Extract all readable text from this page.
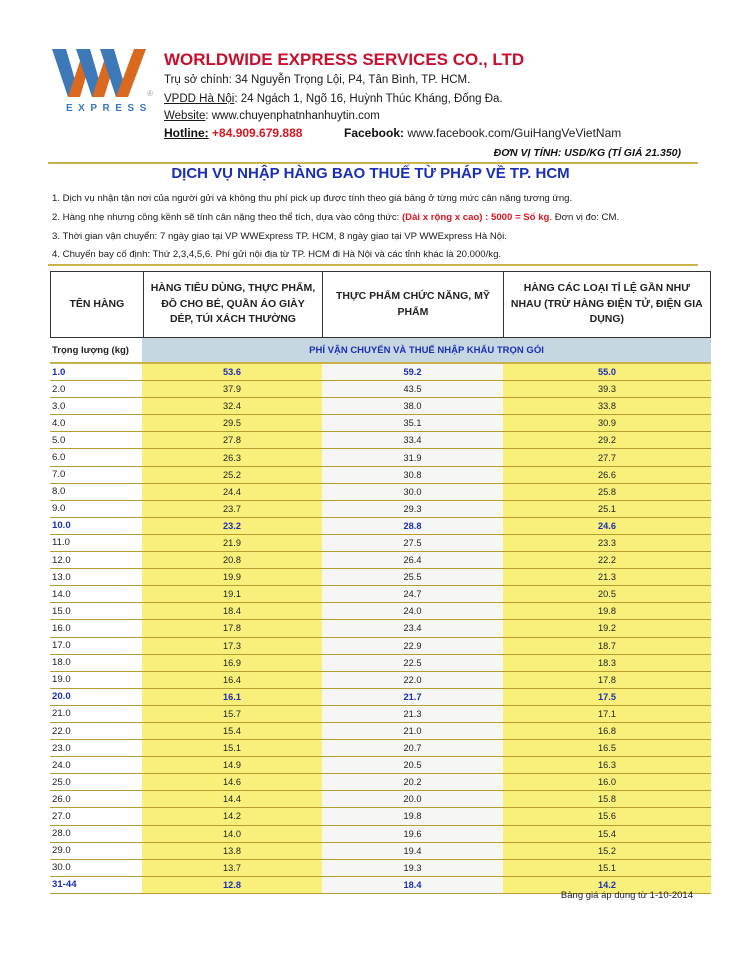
®
EXPRESS
WORLDWIDE EXPRESS SERVICES CO., LTD
Trụ sở chính: 34 Nguyễn Trọng Lội, P4, Tân Bình, TP. HCM.
VPDD Hà Nội: 24 Ngách 1, Ngõ 16, Huỳnh Thúc Kháng, Đống Đa.
Website: www.chuyenphatnhanhuytin.com
Hotline: +84.909.679.888	Facebook: www.facebook.com/GuiHangVeVietNam
ĐƠN VỊ TÍNH: USD/KG (TỈ GIÁ 21.350)
DỊCH VỤ NHẬP HÀNG BAO THUẾ TỪ PHÁP VỀ TP. HCM
1. Dịch vụ nhận tận nơi của người gửi và không thu phí pick up được tính theo giá bảng ở từng mức cân nặng tương ứng.
2. Hàng nhẹ nhưng cồng kềnh sẽ tính cân nặng theo thể tích, dựa vào công thức: (Dài x rộng x cao) : 5000 = Số kg. Đơn vị đo: CM.
3. Thời gian vận chuyển: 7 ngày giao tại VP WWExpress TP. HCM, 8 ngày giao tại VP WWExpress Hà Nội.
4. Chuyến bay cố định: Thứ 2,3,4,5,6. Phí gửi nội địa từ TP. HCM đi Hà Nội và các tỉnh khác là 20.000/kg.
TÊN HÀNG
HÀNG TIÊU DÙNG, THỰC PHẨM, ĐỒ CHO BÉ, QUẦN ÁO GIÀY DÉP, TÚI XÁCH THƯỜNG
THỰC PHẨM CHỨC NĂNG, MỸ PHẨM
HÀNG CÁC LOẠI TỈ LỆ GẦN NHƯ NHAU (TRỪ HÀNG ĐIỆN TỬ, ĐIỆN GIA DỤNG)
Trọng lượng (kg)	PHÍ VẬN CHUYỂN VÀ THUẾ NHẬP KHẨU TRỌN GÓI
1.0	53.6	59.2	55.0
2.0	37.9	43.5	39.3
3.0	32.4	38.0	33.8
4.0	29.5	35.1	30.9
5.0	27.8	33.4	29.2
6.0	26.3	31.9	27.7
7.0	25.2	30.8	26.6
8.0	24.4	30.0	25.8
9.0	23.7	29.3	25.1
10.0	23.2	28.8	24.6
11.0	21.9	27.5	23.3
12.0	20.8	26.4	22.2
13.0	19.9	25.5	21.3
14.0	19.1	24.7	20.5
15.0	18.4	24.0	19.8
16.0	17.8	23.4	19.2
17.0	17.3	22.9	18.7
18.0	16.9	22.5	18.3
19.0	16.4	22.0	17.8
20.0	16.1	21.7	17.5
21.0	15.7	21.3	17.1
22.0	15.4	21.0	16.8
23.0	15.1	20.7	16.5
24.0	14.9	20.5	16.3
25.0	14.6	20.2	16.0
26.0	14.4	20.0	15.8
27.0	14.2	19.8	15.6
28.0	14.0	19.6	15.4
29.0	13.8	19.4	15.2
30.0	13.7	19.3	15.1
31-44	12.8	18.4	14.2
Bảng giá áp dụng từ 1-10-2014
